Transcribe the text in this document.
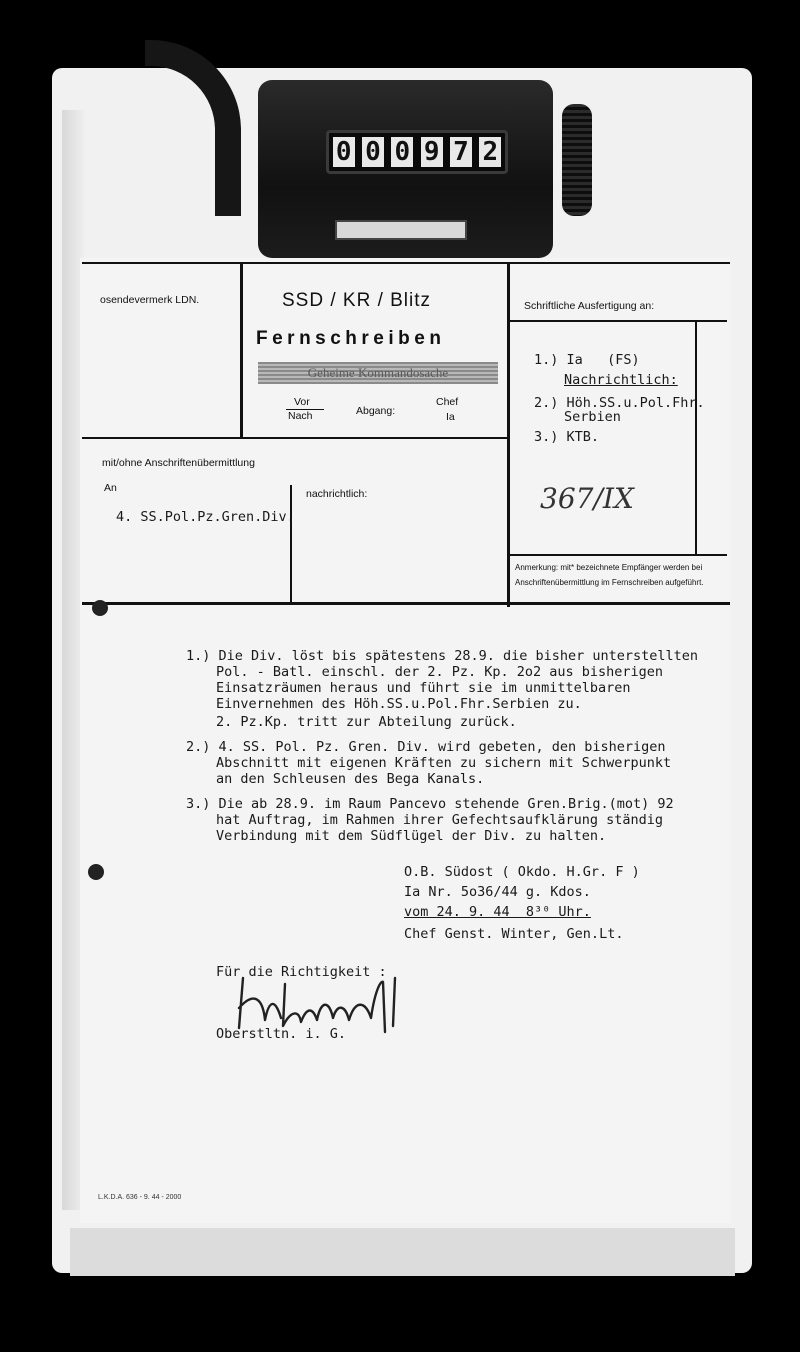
0 0 0 9 7 2
osendevermerk LDN.	SSD / KR / Blitz
Fernschreiben
Geheime Kommandosache
Vor
Nach	Abgang:
Chef
Ia
Schriftliche Ausfertigung an:
mit/ohne Anschriftenübermittlung
An	nachrichtlich:
Anmerkung: mit* bezeichnete Empfänger werden bei
Anschriftenübermittlung im Fernschreiben aufgeführt.
367/IX
1.) Ia   (FS)
Nachrichtlich:
2.) Höh.SS.u.Pol.Fhr.
Serbien
3.) KTB.
4. SS.Pol.Pz.Gren.Div.
1.) Die Div. löst bis spätestens 28.9. die bisher unterstellten
Pol. - Batl. einschl. der 2. Pz. Kp. 2o2 aus bisherigen
Einsatzräumen heraus und führt sie im unmittelbaren
Einvernehmen des Höh.SS.u.Pol.Fhr.Serbien zu.
2. Pz.Kp. tritt zur Abteilung zurück.
2.) 4. SS. Pol. Pz. Gren. Div. wird gebeten, den bisherigen
Abschnitt mit eigenen Kräften zu sichern mit Schwerpunkt
an den Schleusen des Bega Kanals.
3.) Die ab 28.9. im Raum Pancevo stehende Gren.Brig.(mot) 92
hat Auftrag, im Rahmen ihrer Gefechtsaufklärung ständig
Verbindung mit dem Südflügel der Div. zu halten.
O.B. Südost ( Okdo. H.Gr. F )
Ia Nr. 5o36/44 g. Kdos.
vom 24. 9. 44  8³⁰ Uhr.
Chef Genst. Winter, Gen.Lt.
Für die Richtigkeit :
Oberstltn. i. G.
L.K.D.A. 636 - 9. 44 - 2000
